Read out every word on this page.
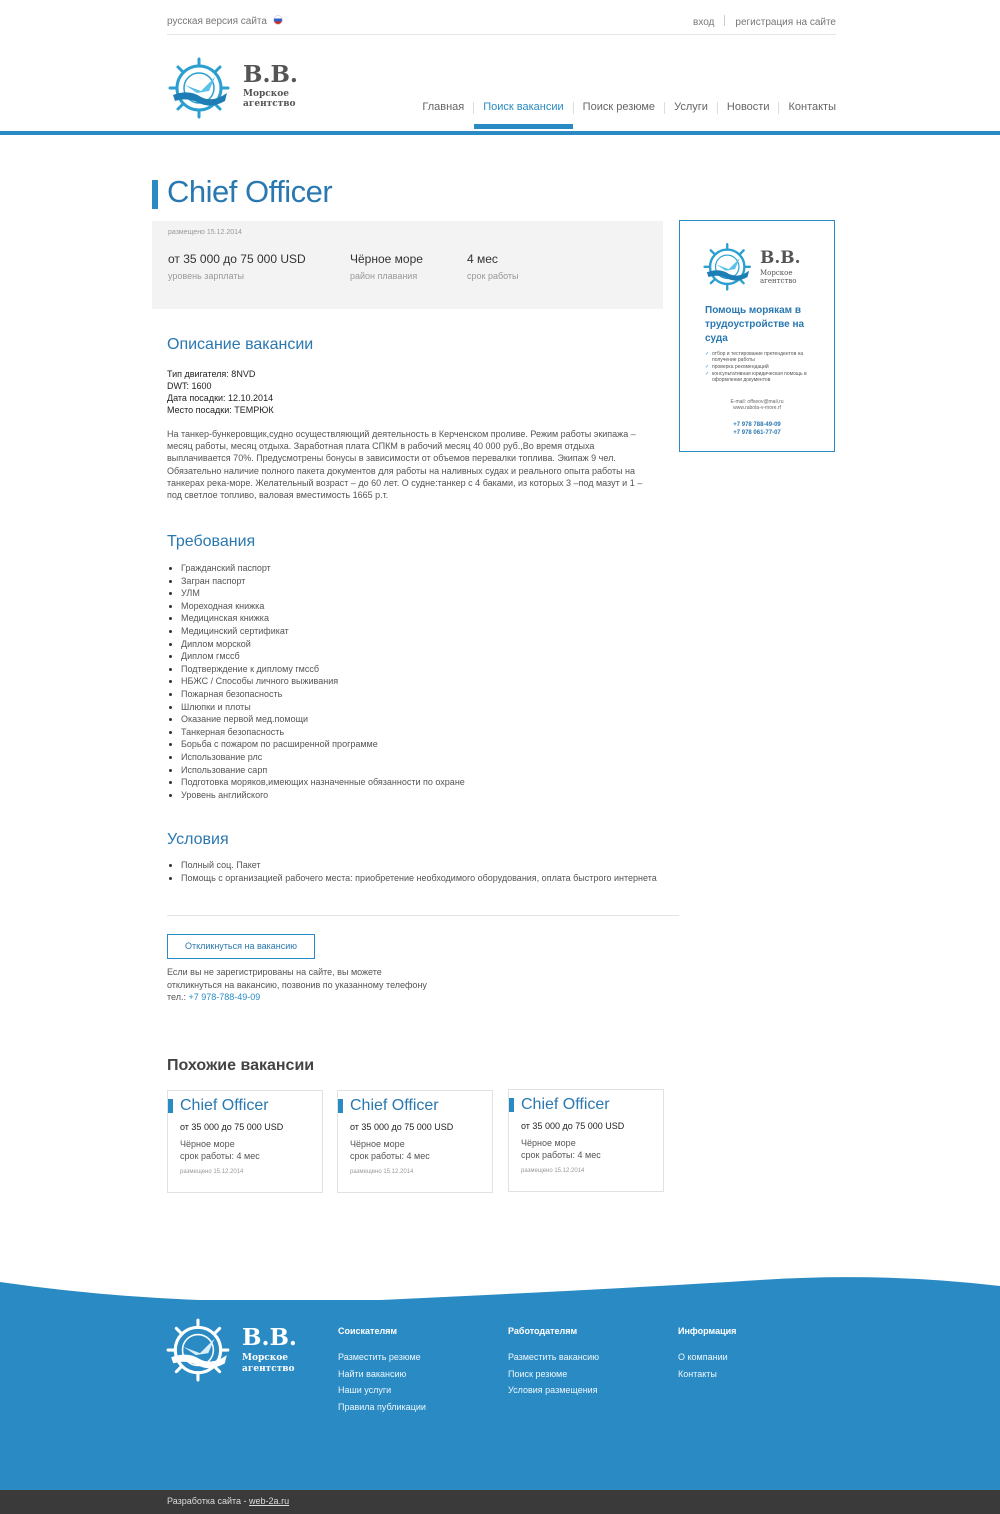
русская версия сайта	вход регистрация на сайте
В.В.
Морское
агентство	Главная	Поиск вакансии	Поиск резюме	Услуги	Новости	Контакты
Chief Officer
размещено 15.12.2014
от 35 000 до 75 000 USD
уровень зарплаты
Чёрное море
район плавания
4 мес
срок работы
В.В.
Морское
агентство
Помощь морякам в трудоустройстве на суда
✓ отбор и тестирование претендентов на получение работы
✓ проверка рекомендаций
✓ консультативная юридическая помощь в оформлении документов
E-mail: offseov@mail.ru
www.rabota-v-more.rf
+7 978 788-49-09
+7 978 061-77-07
Описание вакансии
Тип двигателя: 8NVD
DWT: 1600
Дата посадки: 12.10.2014
Место посадки: ТЕМРЮК

На танкер-бункеровщик,судно осуществляющий деятельность в Керченском проливе. Режим работы экипажа – месяц работы, месяц отдыха. Заработная плата СПКМ в рабочий месяц 40 000 руб.,Во время отдыха выплачивается 70%. Предусмотрены бонусы в зависимости от объемов перевалки топлива. Экипаж 9 чел. Обязательно наличие полного пакета документов для работы на наливных судах и реального опыта работы на танкерах река-море. Желательный возраст – до 60 лет. О судне:танкер с 4 баками, из которых 3 –под мазут и 1 – под светлое топливо, валовая вместимость 1665 р.т.

Требования
Гражданский паспорт
Загран паспорт
УЛМ
Мореходная книжка
Медицинская книжка
Медицинский сертификат
Диплом морской
Диплом гмссб
Подтверждение к диплому гмссб
НБЖС / Способы личного выживания
Пожарная безопасность
Шлюпки и плоты
Оказание первой мед.помощи
Танкерная безопасность
Борьба с пожаром по расширенной программе
Использование рлс
Использование сарп
Подготовка моряков,имеющих назначенные обязанности по охране
Уровень английского
Условия
Полный соц. Пакет
Помощь с организацией рабочего места: приобретение необходимого оборудования, оплата быстрого интернета
Откликнуться на вакансию
Если вы не зарегистрированы на сайте, вы можете
откликнуться на вакансию, позвонив по указанному телефону
тел.: +7 978-788-49-09
Похожие вакансии
Chief Officer
от 35 000 до 75 000 USD
Чёрное море
срок работы: 4 мес
размещено 15.12.2014
Chief Officer
от 35 000 до 75 000 USD
Чёрное море
срок работы: 4 мес
размещено 15.12.2014
Chief Officer
от 35 000 до 75 000 USD
Чёрное море
срок работы: 4 мес
размещено 15.12.2014
В.В.
Морское
агентство
Соискателям
Разместить резюме
Найти вакансию
Наши услуги
Правила публикации
Работодателям
Разместить вакансию
Поиск резюме
Условия размещения
Информация
О компании
Контакты
Разработка сайта - web-2a.ru
